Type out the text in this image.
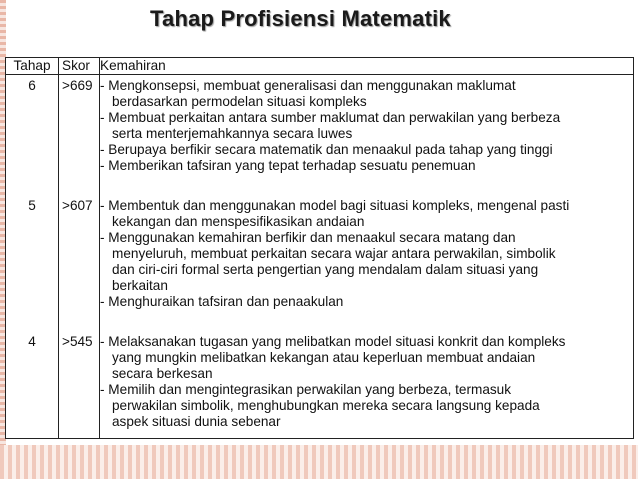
Tahap Profisiensi Matematik
Tahap Skor Kemahiran
6	>669 - Mengkonsepsi, membuat generalisasi dan menggunakan maklumat
berdasarkan permodelan situasi kompleks
- Membuat perkaitan antara sumber maklumat dan perwakilan yang berbeza
serta menterjemahkannya secara luwes
- Berupaya berfikir secara matematik dan menaakul pada tahap yang tinggi
- Memberikan tafsiran yang tepat terhadap sesuatu penemuan
5	>607 - Membentuk dan menggunakan model bagi situasi kompleks, mengenal pasti
kekangan dan menspesifikasikan andaian
- Menggunakan kemahiran berfikir dan menaakul secara matang dan
menyeluruh, membuat perkaitan secara wajar antara perwakilan, simbolik
dan ciri-ciri formal serta pengertian yang mendalam dalam situasi yang
berkaitan
- Menghuraikan tafsiran dan penaakulan
4	>545 - Melaksanakan tugasan yang melibatkan model situasi konkrit dan kompleks
yang mungkin melibatkan kekangan atau keperluan membuat andaian
secara berkesan
- Memilih dan mengintegrasikan perwakilan yang berbeza, termasuk
perwakilan simbolik, menghubungkan mereka secara langsung kepada
aspek situasi dunia sebenar
